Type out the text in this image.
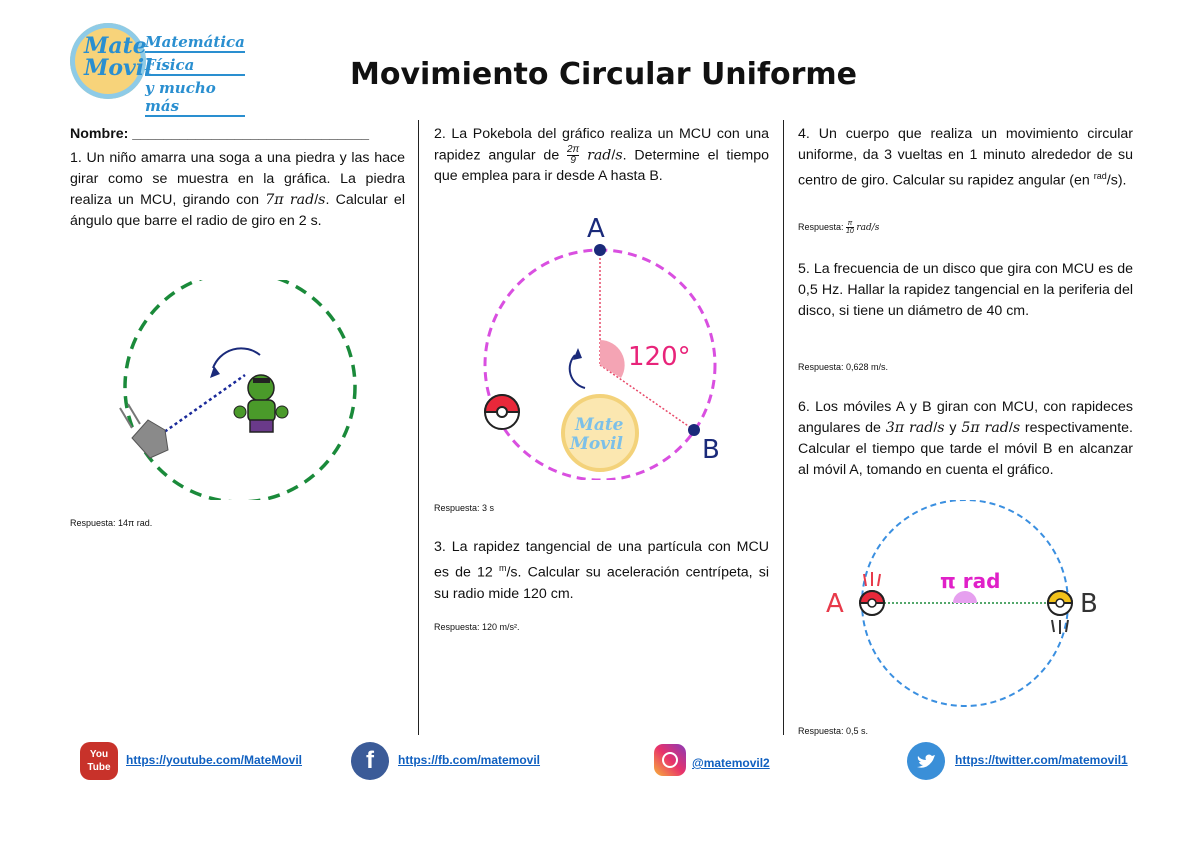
Mate
Movil
Matemática
Física
y mucho más
Movimiento Circular Uniforme
Nombre: ______________________________
1. Un niño amarra una soga a una piedra y las hace girar como se muestra en la gráfica. La piedra realiza un MCU, girando con 7π rad/s. Calcular el ángulo que barre el radio de giro en 2 s.
Respuesta: 14π rad.
2. La Pokebola del gráfico realiza un MCU con una rapidez angular de $\frac{2\pi}{9} rad/s$. Determine el tiempo que emplea para ir desde A hasta B.
A
B
120°
Mate
Movil
Respuesta: 3 s
3. La rapidez tangencial de una partícula con MCU es de 12 $^m$/s. Calcular su aceleración centrípeta, si su radio mide 120 cm.
Respuesta: 120 m/s².
4. Un cuerpo que realiza un movimiento circular uniforme, da 3 vueltas en 1 minuto alrededor de su centro de giro. Calcular su rapidez angular (en $^{rad}$/s).
Respuesta: $\frac{\pi}{10} rad/s$
5. La frecuencia de un disco que gira con MCU es de 0,5 Hz. Hallar la rapidez tangencial en la periferia del disco, si tiene un diámetro de 40 cm.
Respuesta: 0,628 m/s.
6. Los móviles A y B giran con MCU, con rapideces angulares de 3π rad/s y 5π rad/s respectivamente. Calcular el tiempo que tarde el móvil B en alcanzar al móvil A, tomando en cuenta el gráfico.
π rad
A	B
Respuesta: 0,5 s.
You Tube
https://youtube.com/MateMovil	f	https://fb.com/matemovil	@matemovil2	https://twitter.com/matemovil1
